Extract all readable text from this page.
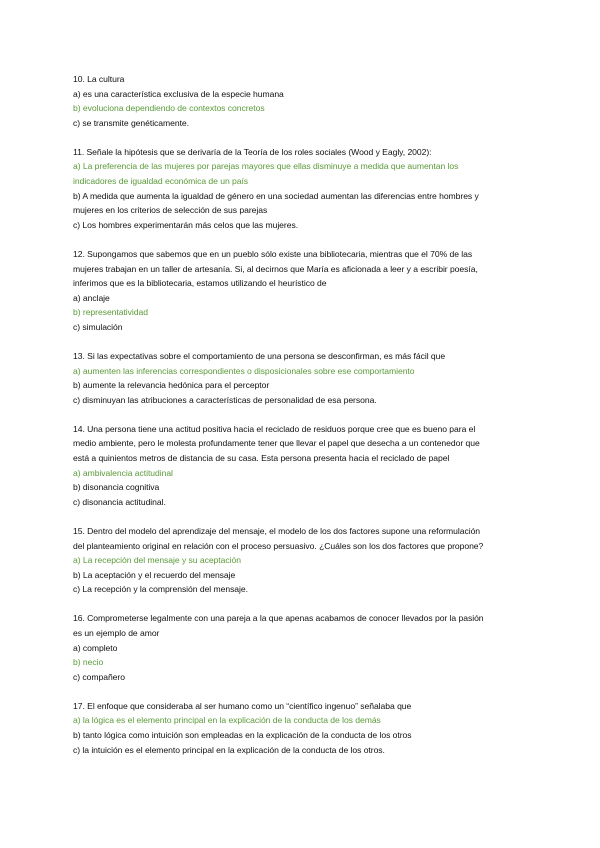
10. La cultura
a) es una característica exclusiva de la especie humana
b) evoluciona dependiendo de contextos concretos
c) se transmite genéticamente.
11. Señale la hipótesis que se derivaría de la Teoría de los roles sociales (Wood y Eagly, 2002):
a) La preferencia de las mujeres por parejas mayores que ellas disminuye a medida que aumentan los
indicadores de igualdad económica de un país
b) A medida que aumenta la igualdad de género en una sociedad aumentan las diferencias entre hombres y
mujeres en los criterios de selección de sus parejas
c) Los hombres experimentarán más celos que las mujeres.
12. Supongamos que sabemos que en un pueblo sólo existe una bibliotecaria, mientras que el 70% de las
mujeres trabajan en un taller de artesanía. Si, al decirnos que María es aficionada a leer y a escribir poesía,
inferimos que es la bibliotecaria, estamos utilizando el heurístico de
a) anclaje
b) representatividad
c) simulación
13. Si las expectativas sobre el comportamiento de una persona se desconfirman, es más fácil que
a) aumenten las inferencias correspondientes o disposicionales sobre ese comportamiento
b) aumente la relevancia hedónica para el perceptor
c) disminuyan las atribuciones a características de personalidad de esa persona.
14. Una persona tiene una actitud positiva hacia el reciclado de residuos porque cree que es bueno para el
medio ambiente, pero le molesta profundamente tener que llevar el papel que desecha a un contenedor que
está a quinientos metros de distancia de su casa. Esta persona presenta hacia el reciclado de papel
a) ambivalencia actitudinal
b) disonancia cognitiva
c) disonancia actitudinal.
15. Dentro del modelo del aprendizaje del mensaje, el modelo de los dos factores supone una reformulación
del planteamiento original en relación con el proceso persuasivo. ¿Cuáles son los dos factores que propone?
a) La recepción del mensaje y su aceptación
b) La aceptación y el recuerdo del mensaje
c) La recepción y la comprensión del mensaje.
16. Comprometerse legalmente con una pareja a la que apenas acabamos de conocer llevados por la pasión
es un ejemplo de amor
a) completo
b) necio
c) compañero
17. El enfoque que consideraba al ser humano como un “científico ingenuo” señalaba que
a) la lógica es el elemento principal en la explicación de la conducta de los demás
b) tanto lógica como intuición son empleadas en la explicación de la conducta de los otros
c) la intuición es el elemento principal en la explicación de la conducta de los otros.
